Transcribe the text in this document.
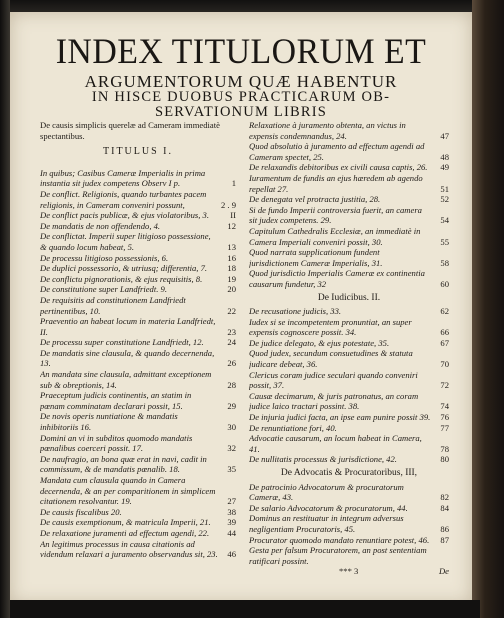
INDEX TITULORUM ET
ARGUMENTORUM QUÆ HABENTUR
IN HISCE DUOBUS PRACTICARUM OB-
SERVATIONUM LIBRIS
De causis simplicis querelæ ad Cameram immediatè spectantibus.
TITULUS I.
In quibus; Casibus Cameræ Imperialis in prima instantia sit judex competens Observ I p.	1
De conflict. Religionis, quando turbantes pacem religionis, in Cameram conveniri possunt,	2 . 9
De conflict pacis publicæ, & ejus violatoribus, 3.	II
De mandatis de non offendendo, 4.	12
De conflictat. Imperii super litigioso possessione, & quando locum habeat, 5.	13
De processu litigioso possessionis, 6.	16
De duplici possessorio, & utriusq; differentia, 7.	18
De conflictu pignorationis, & ejus requisitis, 8.	19
De constitutione super Landfriedt. 9.	20
De requisitis ad constitutionem Landfriedt pertinentibus, 10.	22
Praeventio an habeat locum in materia Landfriedt, II.	23
De processu super constitutione Landfriedt, 12.	24
De mandatis sine clausula, & quando decernenda, 13.	26
An mandata sine clausula, admittant exceptionem sub & obreptionis, 14.	28
Praeceptum judicis continentis, an statim in pœnam comminatam declarari possit, 15.	29
De novis operis nuntiatione & mandatis inhibitoriis 16.	30
Domini an vi in subditos quomodo mandatis pœnalibus coerceri possit. 17.	32
De naufragio, an bona quæ erat in navi, cadit in commissum, & de mandatis pœnalib. 18.	35
Mandata cum clausula quando in Camera decernenda, & an per comparitionem in simplicem citationem resolvantur. 19.	27
De causis fiscalibus 20.	38
De causis exemptionum, & matricula Imperii, 21.	39
De relaxatione juramenti ad effectum agendi, 22.	44
An legitimus processus in causa citationis ad videndum relaxari a juramento observandus sit, 23. 46
Relaxatione à juramento obtenta, an victus in expensis condemnandus, 24.	47
Quod absolutio à juramento ad effectum agendi ad Cameram spectet, 25.	48
De relaxandis debitoribus ex civili causa captis, 26.	49
Iuramentum de fundis an ejus hæredem ab agendo repellat 27.	51
De denegata vel protracta justitia, 28.	52
Si de fundo Imperii controversia fuerit, an camera sit judex competens. 29.	54
Capitulum Cathedralis Ecclesiæ, an immediatè in Camera Imperiali conveniri possit, 30.	55
Quod narrata supplicationum fundent jurisdictionem Cameræ Imperialis, 31.	58
Quod jurisdictio Imperialis Cameræ ex continentia causarum fundetur, 32	60
De Iudicibus. II.
De recusatione judicis, 33.	62
Iudex si se incompetentem pronuntiat, an super expensis cognoscere possit. 34.	66
De judice delegato, & ejus potestate, 35.	67
Quod judex, secundum consuetudines & statuta judicare debeat, 36.	70
Clericus coram judice seculari quando conveniri possit, 37.	72
Causæ decimarum, & juris patronatus, an coram judice laico tractari possint. 38.	74
De injuria judici facta, an ipse eam punire possit 39. 76
De renuntiatione fori, 40.	77
Advocatie causarum, an locum habeat in Camera, 41.	78
De nullitatis processus & jurisdictione, 42.	80
De Advocatis & Procuratoribus, III,
De patrocinio Advocatorum & procuratorum Cameræ, 43.	82
De salario Advocatorum & procuratorum, 44.	84
Dominus an restituatur in integrum adversus negligentiam Procuratoris, 45.	86
Procurator quomodo mandato renuntiare potest, 46. 87
Gesta per falsum Procuratorem, an post sententiam ratificari possint.
*** 3	De
